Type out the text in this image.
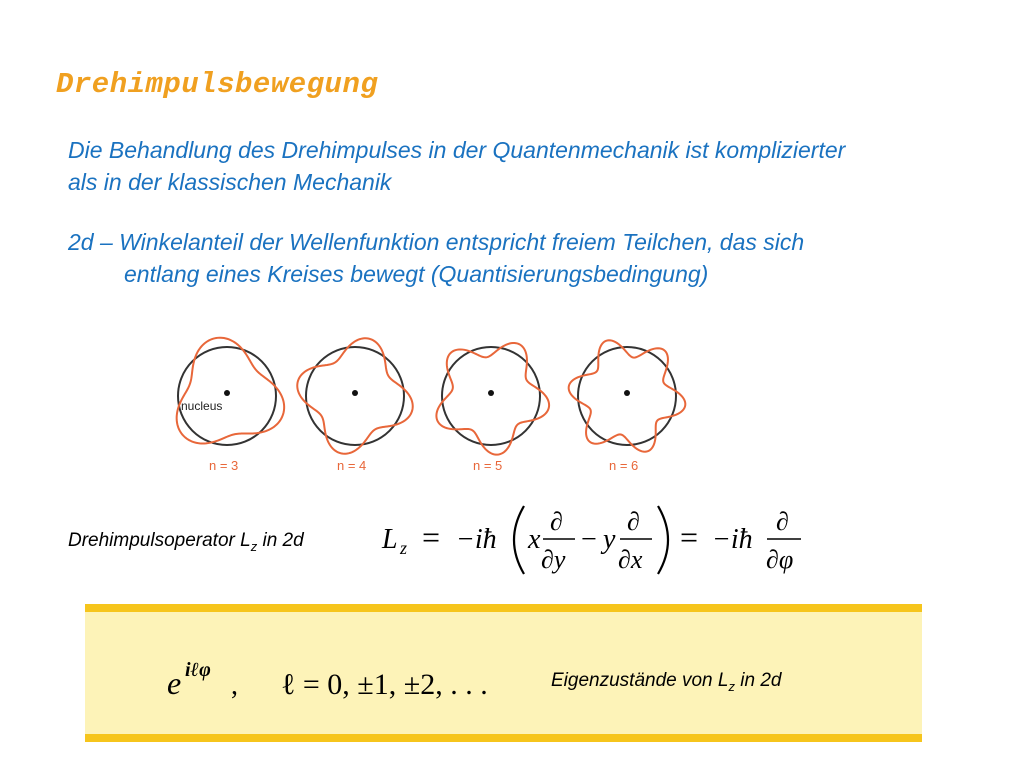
Drehimpulsbewegung
Die Behandlung des Drehimpulses in der Quantenmechanik ist komplizierter
als in der klassischen Mechanik
2d – Winkelanteil der Wellenfunktion entspricht freiem Teilchen, das sich
entlang eines Kreises bewegt (Quantisierungsbedingung)
nucleus
n = 3	n = 4	n = 5	n = 6
Drehimpulsoperator $L_z$ in 2d	L z = −iħ x
∂
∂y
− y
∂
∂x
= −iħ
∂
∂φ
e iℓφ , ℓ = 0, ±1, ±2, . . .	Eigenzustände von $L_z$ in 2d
